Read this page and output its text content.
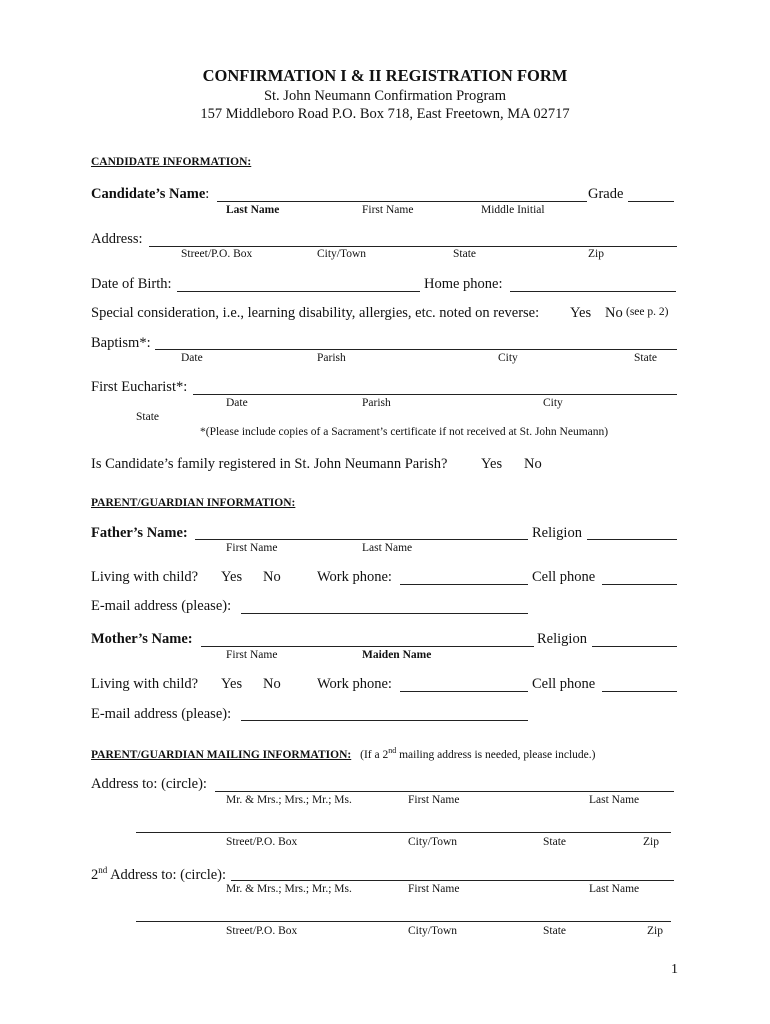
CONFIRMATION I & II REGISTRATION FORM
St. John Neumann Confirmation Program
157 Middleboro Road P.O. Box 718, East Freetown, MA 02717
CANDIDATE INFORMATION:
Candidate’s Name:	Grade
Last Name	First Name	Middle Initial
Address:
Street/P.O. Box	City/Town	State	Zip
Date of Birth:	Home phone:
Special consideration, i.e., learning disability, allergies, etc. noted on reverse: Yes No (see p. 2)
Baptism*:
Date	Parish	City	State
First Eucharist*:
Date	Parish	City
State
*(Please include copies of a Sacrament’s certificate if not received at St. John Neumann)
Is Candidate’s family registered in St. John Neumann Parish? Yes No
PARENT/GUARDIAN INFORMATION:
Father’s Name:	Religion
First Name	Last Name
Living with child? Yes No	Work phone:	Cell phone
E-mail address (please):
Mother’s Name:	Religion
First Name	Maiden Name
Living with child? Yes No	Work phone:	Cell phone
E-mail address (please):
PARENT/GUARDIAN MAILING INFORMATION: (If a 2nd mailing address is needed, please include.)
Address to: (circle):
Mr. & Mrs.; Mrs.; Mr.; Ms.	First Name	Last Name
Street/P.O. Box	City/Town	State	Zip
2nd Address to: (circle):
Mr. & Mrs.; Mrs.; Mr.; Ms.	First Name	Last Name
Street/P.O. Box	City/Town	State	Zip
1
